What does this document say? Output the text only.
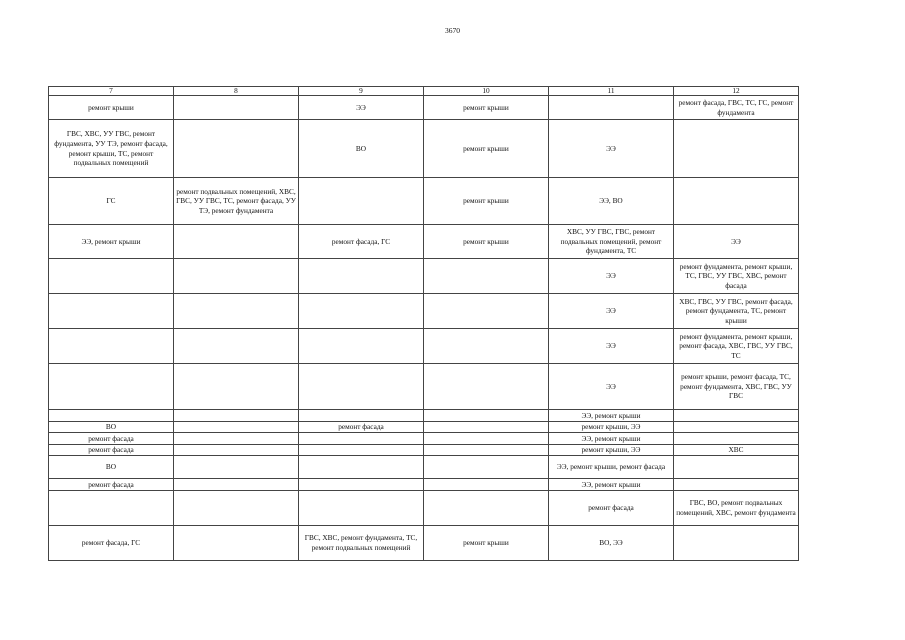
3670
7	8	9	10	11	12
ремонт крыши		ЭЭ	ремонт крыши		ремонт фасада, ГВС, ТС, ГС, ремонт фундамента
ГВС, ХВС, УУ ГВС, ремонт фундамента, УУ ТЭ, ремонт фасада, ремонт крыши, ТС, ремонт подвальных помещений		ВО	ремонт крыши	ЭЭ	
ГС	ремонт подвальных помещений, ХВС, ГВС, УУ ГВС, ТС, ремонт фасада, УУ ТЭ, ремонт фундамента		ремонт крыши	ЭЭ, ВО	
ЭЭ, ремонт крыши		ремонт фасада, ГС	ремонт крыши	ХВС, УУ ГВС, ГВС, ремонт подвальных помещений, ремонт фундамента, ТС	ЭЭ
				ЭЭ	ремонт фундамента, ремонт крыши, ТС, ГВС, УУ ГВС, ХВС, ремонт фасада
				ЭЭ	ХВС, ГВС, УУ ГВС, ремонт фасада, ремонт фундамента, ТС, ремонт крыши
				ЭЭ	ремонт фундамента, ремонт крыши, ремонт фасада, ХВС, ГВС, УУ ГВС, ТС
				ЭЭ	ремонт крыши, ремонт фасада, ТС, ремонт фундамента, ХВС, ГВС, УУ ГВС
				ЭЭ, ремонт крыши	
ВО		ремонт фасада		ремонт крыши, ЭЭ	
ремонт фасада				ЭЭ, ремонт крыши	
ремонт фасада				ремонт крыши, ЭЭ	ХВС
ВО				ЭЭ, ремонт крыши, ремонт фасада	
ремонт фасада				ЭЭ, ремонт крыши	
				ремонт фасада	ГВС, ВО, ремонт подвальных помещений, ХВС, ремонт фундамента
ремонт фасада, ГС		ГВС, ХВС, ремонт фундамента, ТС, ремонт подвальных помещений	ремонт крыши	ВО, ЭЭ	
